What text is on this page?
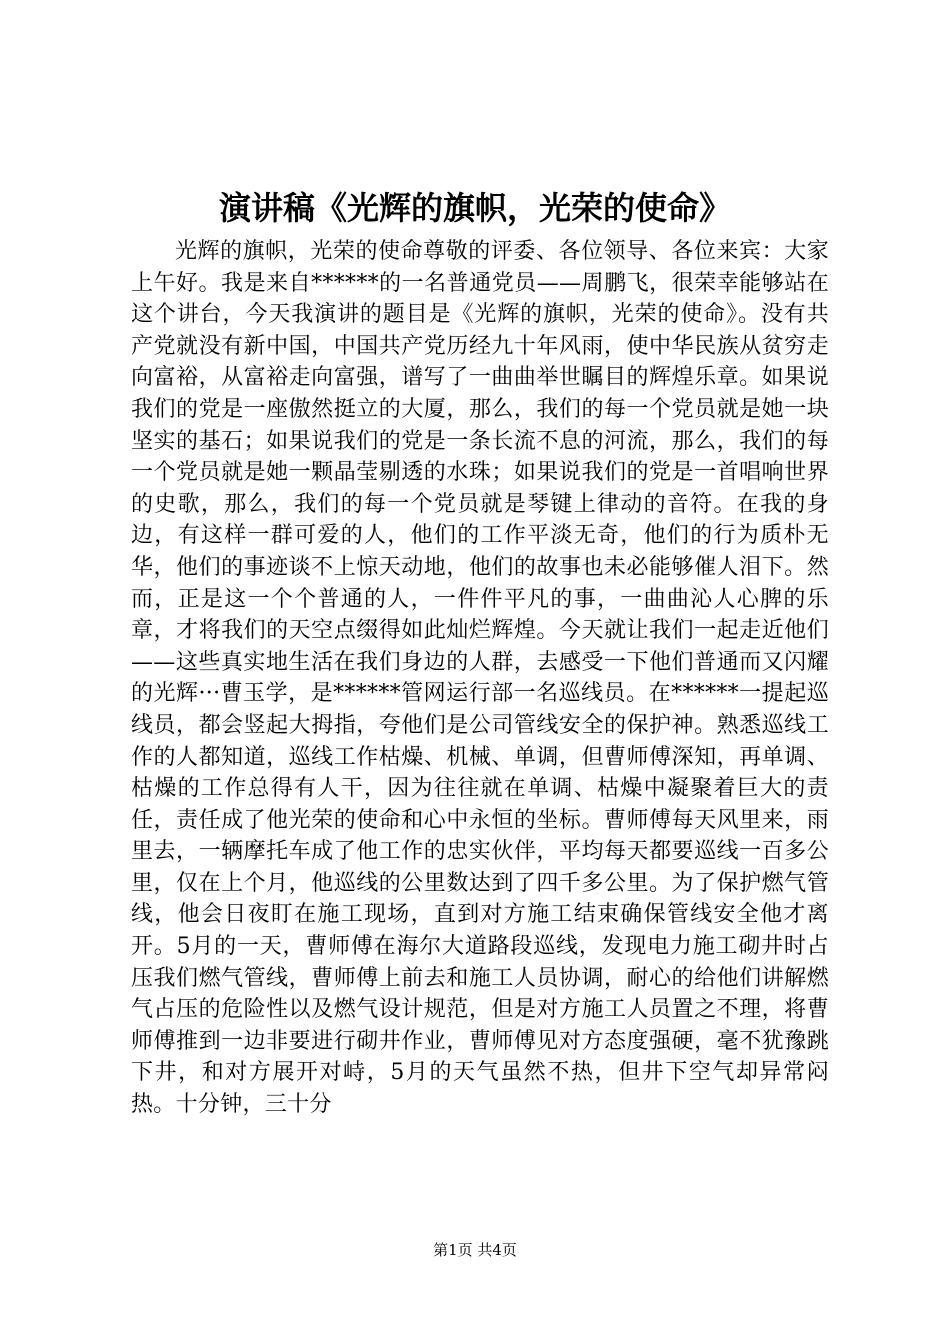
演讲稿《光辉的旗帜，光荣的使命》

光辉的旗帜，光荣的使命尊敬的评委、各位领导、各位来宾：大家上午好。我是来自******的一名普通党员——周鹏飞，很荣幸能够站在这个讲台，今天我演讲的题目是《光辉的旗帜，光荣的使命》。没有共产党就没有新中国，中国共产党历经九十年风雨，使中华民族从贫穷走向富裕，从富裕走向富强，谱写了一曲曲举世瞩目的辉煌乐章。如果说我们的党是一座傲然挺立的大厦，那么，我们的每一个党员就是她一块坚实的基石；如果说我们的党是一条长流不息的河流，那么，我们的每一个党员就是她一颗晶莹剔透的水珠；如果说我们的党是一首唱响世界的史歌，那么，我们的每一个党员就是琴键上律动的音符。在我的身边，有这样一群可爱的人，他们的工作平淡无奇，他们的行为质朴无华，他们的事迹谈不上惊天动地，他们的故事也未必能够催人泪下。然而，正是这一个个普通的人，一件件平凡的事，一曲曲沁人心脾的乐章，才将我们的天空点缀得如此灿烂辉煌。今天就让我们一起走近他们——这些真实地生活在我们身边的人群，去感受一下他们普通而又闪耀的光辉···曹玉学，是******管网运行部一名巡线员。在******一提起巡线员，都会竖起大拇指，夸他们是公司管线安全的保护神。熟悉巡线工作的人都知道，巡线工作枯燥、机械、单调，但曹师傅深知，再单调、枯燥的工作总得有人干，因为往往就在单调、枯燥中凝聚着巨大的责任，责任成了他光荣的使命和心中永恒的坐标。曹师傅每天风里来，雨里去，一辆摩托车成了他工作的忠实伙伴，平均每天都要巡线一百多公里，仅在上个月，他巡线的公里数达到了四千多公里。为了保护燃气管线，他会日夜盯在施工现场，直到对方施工结束确保管线安全他才离开。5月的一天，曹师傅在海尔大道路段巡线，发现电力施工砌井时占压我们燃气管线，曹师傅上前去和施工人员协调，耐心的给他们讲解燃气占压的危险性以及燃气设计规范，但是对方施工人员置之不理，将曹师傅推到一边非要进行砌井作业，曹师傅见对方态度强硬，毫不犹豫跳下井，和对方展开对峙，5月的天气虽然不热，但井下空气却异常闷热。十分钟，三十分

第1页 共4页
